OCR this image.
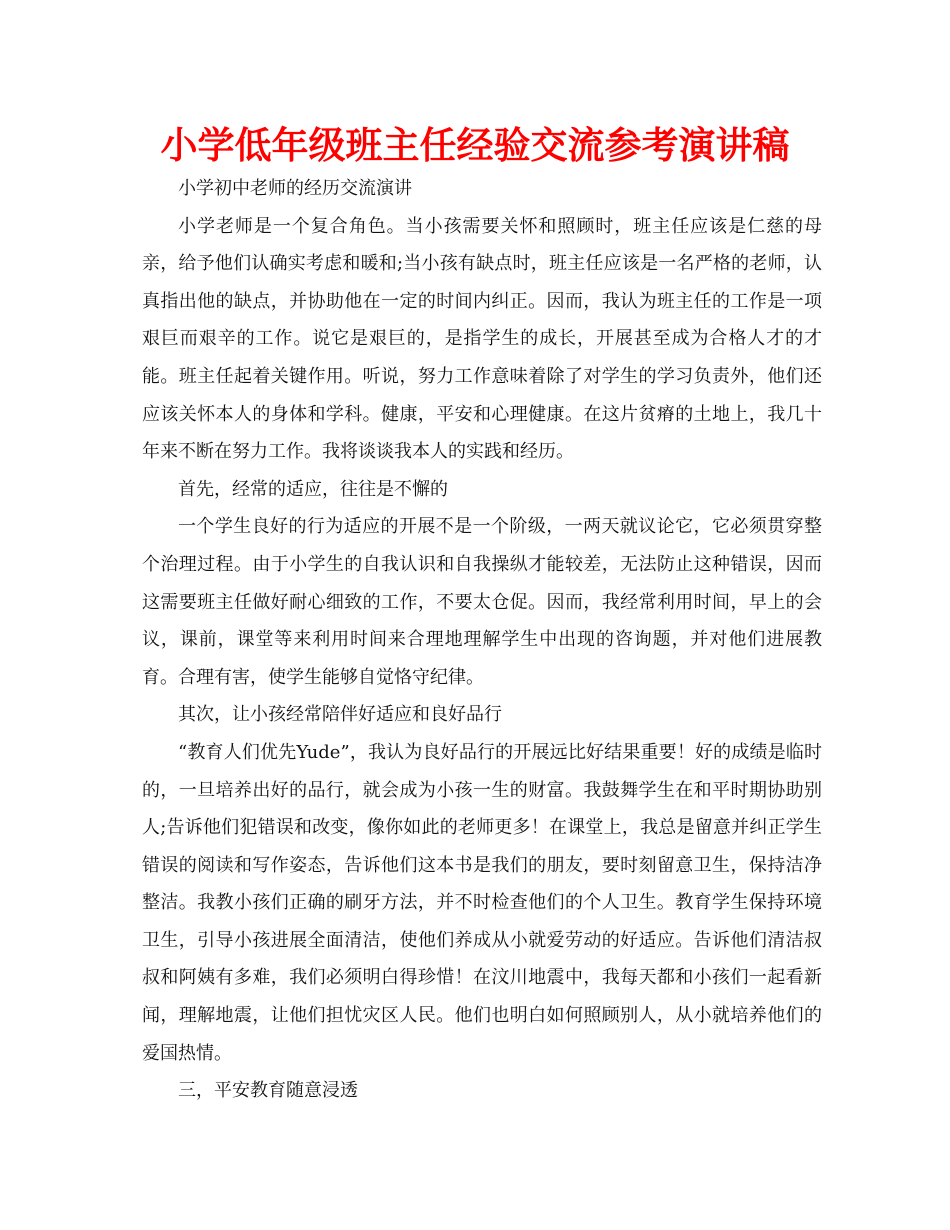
小学低年级班主任经验交流参考演讲稿

小学初中老师的经历交流演讲

小学老师是一个复合角色。当小孩需要关怀和照顾时，班主任应该是仁慈的母亲，给予他们认确实考虑和暖和;当小孩有缺点时，班主任应该是一名严格的老师，认真指出他的缺点，并协助他在一定的时间内纠正。因而，我认为班主任的工作是一项艰巨而艰辛的工作。说它是艰巨的，是指学生的成长，开展甚至成为合格人才的才能。班主任起着关键作用。听说，努力工作意味着除了对学生的学习负责外，他们还应该关怀本人的身体和学科。健康，平安和心理健康。在这片贫瘠的土地上，我几十年来不断在努力工作。我将谈谈我本人的实践和经历。

首先，经常的适应，往往是不懈的

一个学生良好的行为适应的开展不是一个阶级，一两天就议论它，它必须贯穿整个治理过程。由于小学生的自我认识和自我操纵才能较差，无法防止这种错误，因而这需要班主任做好耐心细致的工作，不要太仓促。因而，我经常利用时间，早上的会议，课前，课堂等来利用时间来合理地理解学生中出现的咨询题，并对他们进展教育。合理有害，使学生能够自觉恪守纪律。

其次，让小孩经常陪伴好适应和良好品行

“教育人们优先Yude”，我认为良好品行的开展远比好结果重要！好的成绩是临时的，一旦培养出好的品行，就会成为小孩一生的财富。我鼓舞学生在和平时期协助别人;告诉他们犯错误和改变，像你如此的老师更多！在课堂上，我总是留意并纠正学生错误的阅读和写作姿态，告诉他们这本书是我们的朋友，要时刻留意卫生，保持洁净整洁。我教小孩们正确的刷牙方法，并不时检查他们的个人卫生。教育学生保持环境卫生，引导小孩进展全面清洁，使他们养成从小就爱劳动的好适应。告诉他们清洁叔叔和阿姨有多难，我们必须明白得珍惜！在汶川地震中，我每天都和小孩们一起看新闻，理解地震，让他们担忧灾区人民。他们也明白如何照顾别人，从小就培养他们的爱国热情。

三，平安教育随意浸透
